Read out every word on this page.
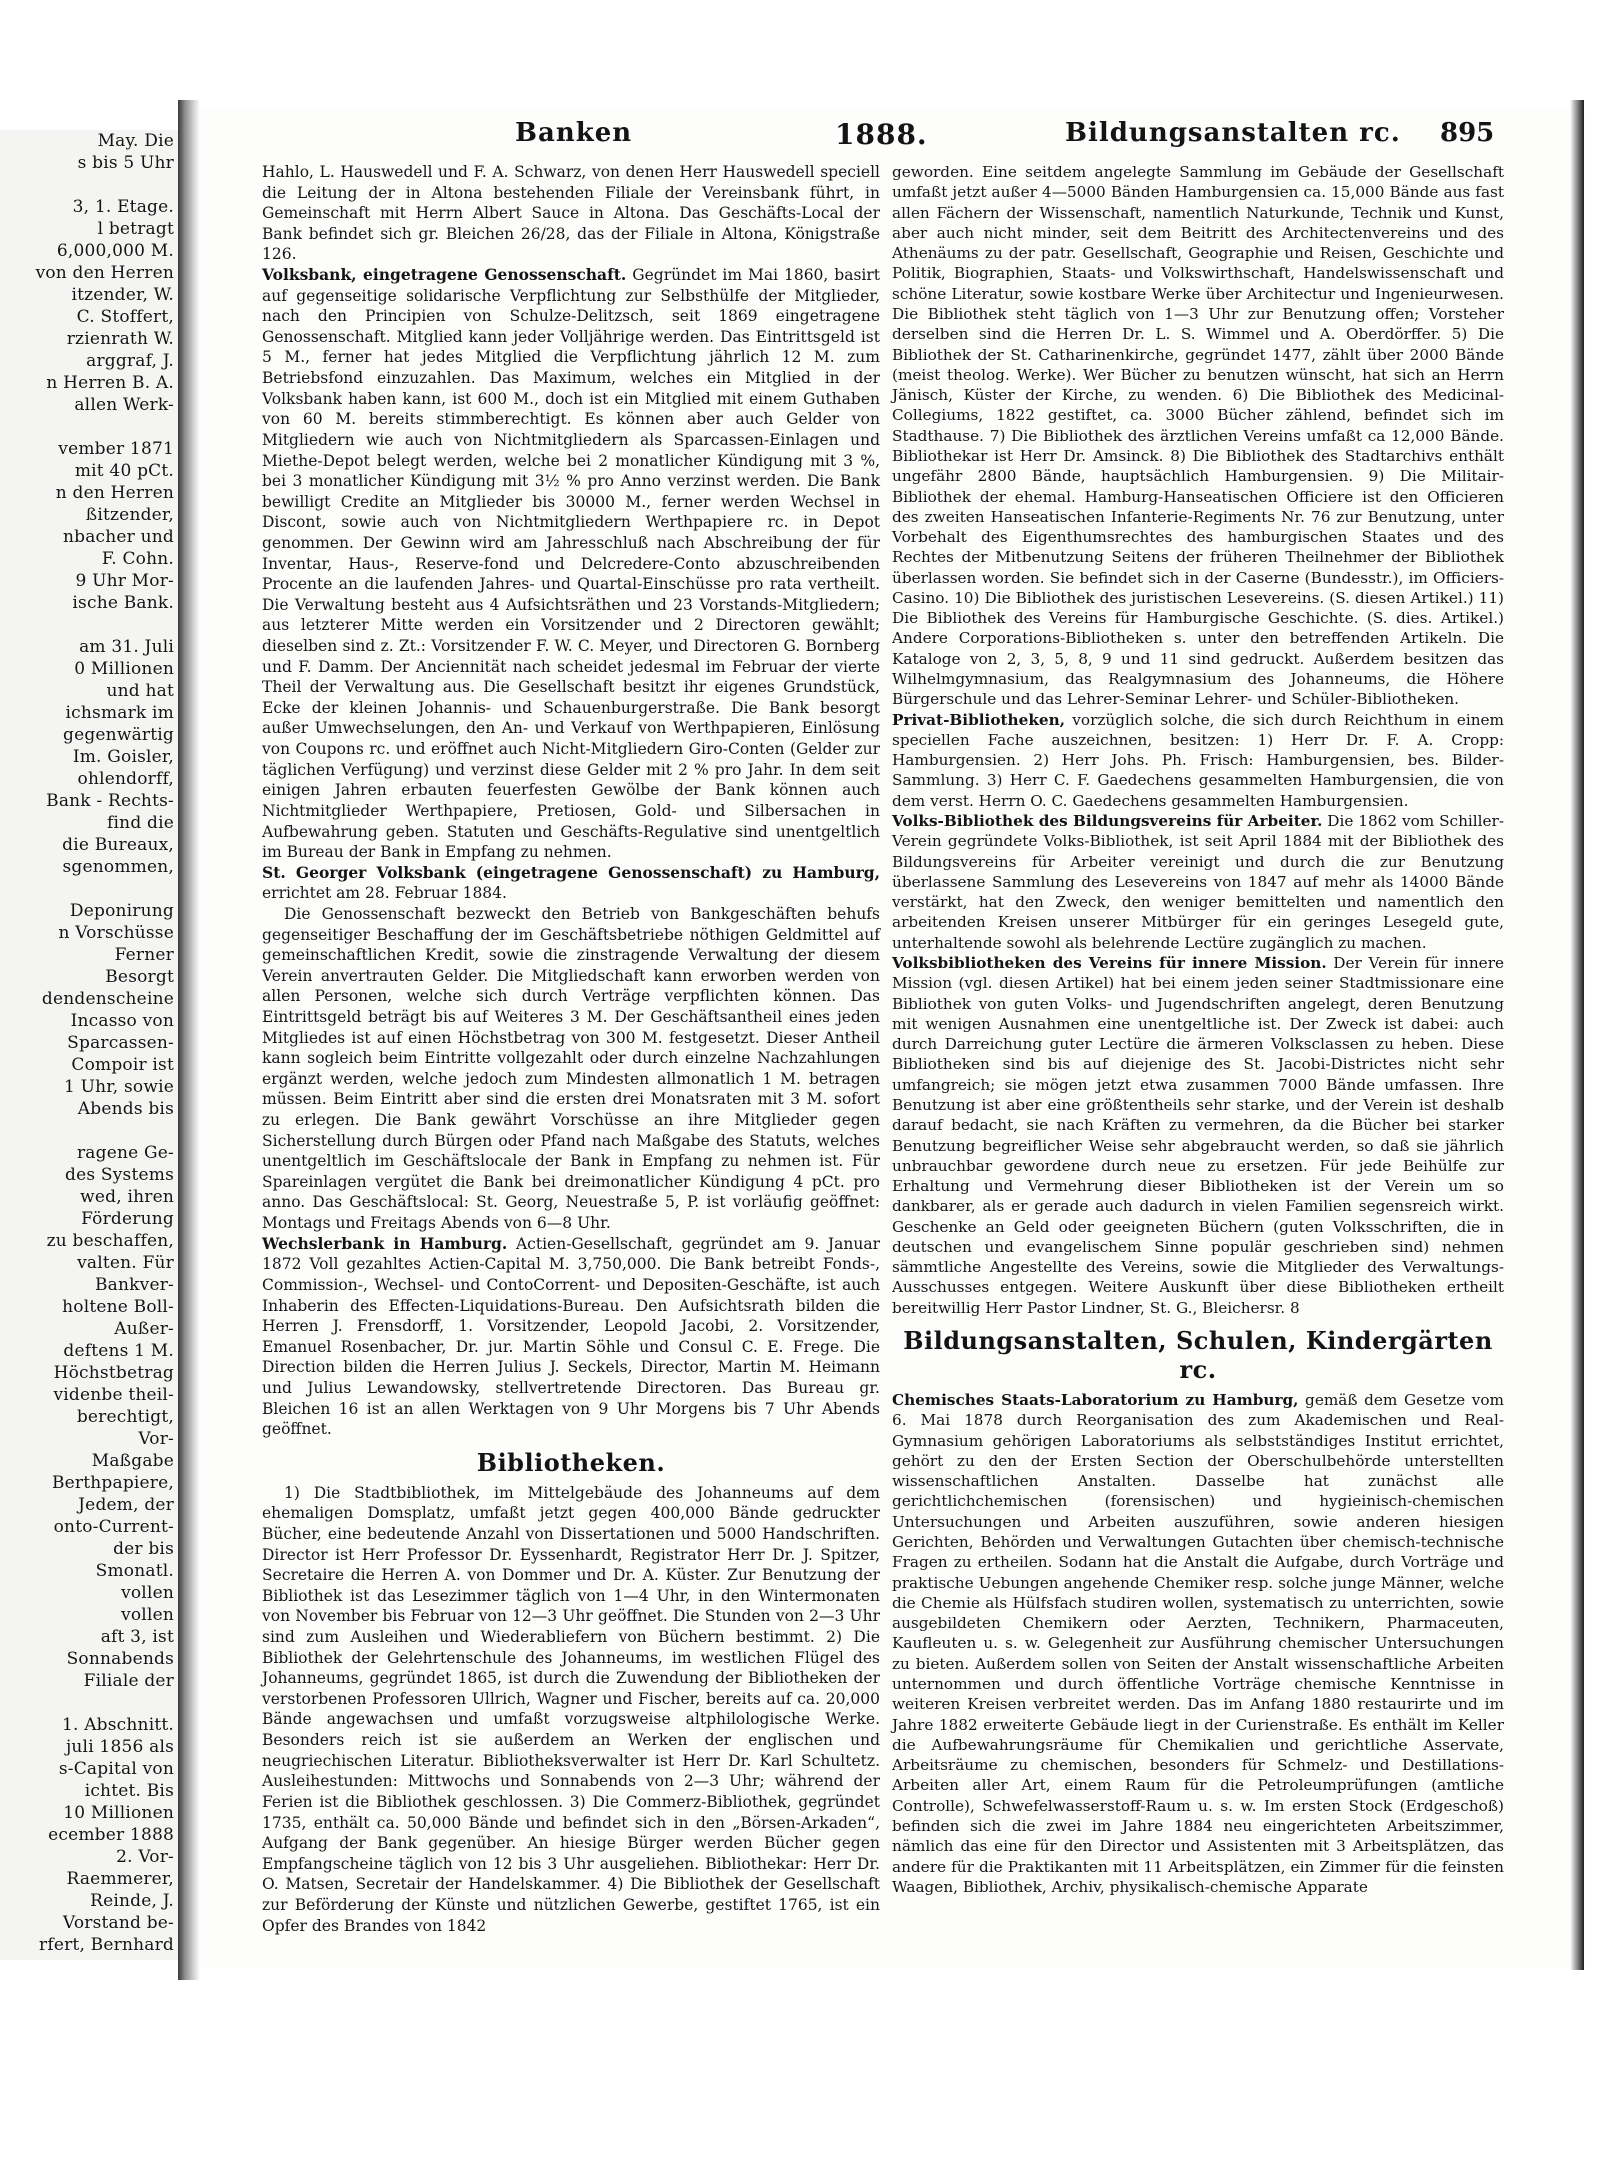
May. Die
s bis 5 Uhr
3, 1. Etage.
l betragt
6,000,000 M.
von den Herren
itzender, W.
C. Stoffert,
rzienrath W.
arggraf, J.
n Herren B. A.
allen Werk-
vember 1871
mit 40 pCt.
n den Herren
ßitzender,
nbacher und
F. Cohn.
9 Uhr Mor-
ische Bank.
am 31. Juli
0 Millionen
und hat
ichsmark im
gegenwärtig
Im. Goisler,
ohlendorff,
Bank - Rechts-
find die
die Bureaux,
sgenommen,
Deponirung
n Vorschüsse
Ferner
Besorgt
dendenscheine
Incasso von
Sparcassen-
Compoir ist
1 Uhr, sowie
Abends bis
ragene Ge-
des Systems
wed, ihren
Förderung
zu beschaffen,
valten. Für
Bankver-
holtene Boll-
Außer-
deftens 1 M.
Höchstbetrag
videnbe theil-
berechtigt,
Vor-
Maßgabe
Berthpapiere,
Jedem, der
onto-Current-
der bis
Smonatl.
vollen
vollen
aft 3, ist
Sonnabends
Filiale der
1. Abschnitt.
juli 1856 als
s-Capital von
ichtet. Bis
10 Millionen
ecember 1888
2. Vor-
Raemmerer,
Reinde, J.
Vorstand be-
rfert, Bernhard
Banken	1888.	Bildungsanstalten rc. 895

Hahlo, L. Hauswedell und F. A. Schwarz, von denen Herr Hauswedell speciell die Leitung der in Altona bestehenden Filiale der Vereinsbank führt, in Gemeinschaft mit Herrn Albert Sauce in Altona. Das Geschäfts-Local der Bank befindet sich gr. Bleichen 26/28, das der Filiale in Altona, Königstraße 126.

Volksbank, eingetragene Genossenschaft. Gegründet im Mai 1860, basirt auf gegenseitige solidarische Verpflichtung zur Selbsthülfe der Mitglieder, nach den Principien von Schulze-Delitzsch, seit 1869 eingetragene Genossenschaft. Mitglied kann jeder Volljährige werden. Das Eintrittsgeld ist 5 M., ferner hat jedes Mitglied die Verpflichtung jährlich 12 M. zum Betriebsfond einzuzahlen. Das Maximum, welches ein Mitglied in der Volksbank haben kann, ist 600 M., doch ist ein Mitglied mit einem Guthaben von 60 M. bereits stimmberechtigt. Es können aber auch Gelder von Mitgliedern wie auch von Nichtmitgliedern als Sparcassen-Einlagen und Miethe-Depot belegt werden, welche bei 2 monatlicher Kündigung mit 3 %, bei 3 monatlicher Kündigung mit 3½ % pro Anno verzinst werden. Die Bank bewilligt Credite an Mitglieder bis 30000 M., ferner werden Wechsel in Discont, sowie auch von Nichtmitgliedern Werthpapiere rc. in Depot genommen. Der Gewinn wird am Jahresschluß nach Abschreibung der für Inventar, Haus-, Reserve-fond und Delcredere-Conto abzuschreibenden Procente an die laufenden Jahres- und Quartal-Einschüsse pro rata vertheilt. Die Verwaltung besteht aus 4 Aufsichtsräthen und 23 Vorstands-Mitgliedern; aus letzterer Mitte werden ein Vorsitzender und 2 Directoren gewählt; dieselben sind z. Zt.: Vorsitzender F. W. C. Meyer, und Directoren G. Bornberg und F. Damm. Der Anciennität nach scheidet jedesmal im Februar der vierte Theil der Verwaltung aus. Die Gesellschaft besitzt ihr eigenes Grundstück, Ecke der kleinen Johannis- und Schauenburgerstraße. Die Bank besorgt außer Umwechselungen, den An- und Verkauf von Werthpapieren, Einlösung von Coupons rc. und eröffnet auch Nicht-Mitgliedern Giro-Conten (Gelder zur täglichen Verfügung) und verzinst diese Gelder mit 2 % pro Jahr. In dem seit einigen Jahren erbauten feuerfesten Gewölbe der Bank können auch Nichtmitglieder Werthpapiere, Pretiosen, Gold- und Silbersachen in Aufbewahrung geben. Statuten und Geschäfts-Regulative sind unentgeltlich im Bureau der Bank in Empfang zu nehmen.

St. Georger Volksbank (eingetragene Genossenschaft) zu Hamburg, errichtet am 28. Februar 1884.

Die Genossenschaft bezweckt den Betrieb von Bankgeschäften behufs gegenseitiger Beschaffung der im Geschäftsbetriebe nöthigen Geldmittel auf gemeinschaftlichen Kredit, sowie die zinstragende Verwaltung der diesem Verein anvertrauten Gelder. Die Mitgliedschaft kann erworben werden von allen Personen, welche sich durch Verträge verpflichten können. Das Eintrittsgeld beträgt bis auf Weiteres 3 M. Der Geschäftsantheil eines jeden Mitgliedes ist auf einen Höchstbetrag von 300 M. festgesetzt. Dieser Antheil kann sogleich beim Eintritte vollgezahlt oder durch einzelne Nachzahlungen ergänzt werden, welche jedoch zum Mindesten allmonatlich 1 M. betragen müssen. Beim Eintritt aber sind die ersten drei Monatsraten mit 3 M. sofort zu erlegen. Die Bank gewährt Vorschüsse an ihre Mitglieder gegen Sicherstellung durch Bürgen oder Pfand nach Maßgabe des Statuts, welches unentgeltlich im Geschäftslocale der Bank in Empfang zu nehmen ist. Für Spareinlagen vergütet die Bank bei dreimonatlicher Kündigung 4 pCt. pro anno. Das Geschäftslocal: St. Georg, Neuestraße 5, P. ist vorläufig geöffnet: Montags und Freitags Abends von 6—8 Uhr.

Wechslerbank in Hamburg. Actien-Gesellschaft, gegründet am 9. Januar 1872 Voll gezahltes Actien-Capital M. 3,750,000. Die Bank betreibt Fonds-, Commission-, Wechsel- und ContoCorrent- und Depositen-Geschäfte, ist auch Inhaberin des Effecten-Liquidations-Bureau. Den Aufsichtsrath bilden die Herren J. Frensdorff, 1. Vorsitzender, Leopold Jacobi, 2. Vorsitzender, Emanuel Rosenbacher, Dr. jur. Martin Söhle und Consul C. E. Frege. Die Direction bilden die Herren Julius J. Seckels, Director, Martin M. Heimann und Julius Lewandowsky, stellvertretende Directoren. Das Bureau gr. Bleichen 16 ist an allen Werktagen von 9 Uhr Morgens bis 7 Uhr Abends geöffnet.

Bibliotheken.

1) Die Stadtbibliothek, im Mittelgebäude des Johanneums auf dem ehemaligen Domsplatz, umfaßt jetzt gegen 400,000 Bände gedruckter Bücher, eine bedeutende Anzahl von Dissertationen und 5000 Handschriften. Director ist Herr Professor Dr. Eyssenhardt, Registrator Herr Dr. J. Spitzer, Secretaire die Herren A. von Dommer und Dr. A. Küster. Zur Benutzung der Bibliothek ist das Lesezimmer täglich von 1—4 Uhr, in den Wintermonaten von November bis Februar von 12—3 Uhr geöffnet. Die Stunden von 2—3 Uhr sind zum Ausleihen und Wiederabliefern von Büchern bestimmt. 2) Die Bibliothek der Gelehrtenschule des Johanneums, im westlichen Flügel des Johanneums, gegründet 1865, ist durch die Zuwendung der Bibliotheken der verstorbenen Professoren Ullrich, Wagner und Fischer, bereits auf ca. 20,000 Bände angewachsen und umfaßt vorzugsweise altphilologische Werke. Besonders reich ist sie außerdem an Werken der englischen und neugriechischen Literatur. Bibliotheksverwalter ist Herr Dr. Karl Schultetz. Ausleihestunden: Mittwochs und Sonnabends von 2—3 Uhr; während der Ferien ist die Bibliothek geschlossen. 3) Die Commerz-Bibliothek, gegründet 1735, enthält ca. 50,000 Bände und befindet sich in den „Börsen-Arkaden“, Aufgang der Bank gegenüber. An hiesige Bürger werden Bücher gegen Empfangscheine täglich von 12 bis 3 Uhr ausgeliehen. Bibliothekar: Herr Dr. O. Matsen, Secretair der Handelskammer. 4) Die Bibliothek der Gesellschaft zur Beförderung der Künste und nützlichen Gewerbe, gestiftet 1765, ist ein Opfer des Brandes von 1842

geworden. Eine seitdem angelegte Sammlung im Gebäude der Gesellschaft umfaßt jetzt außer 4—5000 Bänden Hamburgensien ca. 15,000 Bände aus fast allen Fächern der Wissenschaft, namentlich Naturkunde, Technik und Kunst, aber auch nicht minder, seit dem Beitritt des Architectenvereins und des Athenäums zu der patr. Gesellschaft, Geographie und Reisen, Geschichte und Politik, Biographien, Staats- und Volkswirthschaft, Handelswissenschaft und schöne Literatur, sowie kostbare Werke über Architectur und Ingenieurwesen. Die Bibliothek steht täglich von 1—3 Uhr zur Benutzung offen; Vorsteher derselben sind die Herren Dr. L. S. Wimmel und A. Oberdörffer. 5) Die Bibliothek der St. Catharinenkirche, gegründet 1477, zählt über 2000 Bände (meist theolog. Werke). Wer Bücher zu benutzen wünscht, hat sich an Herrn Jänisch, Küster der Kirche, zu wenden. 6) Die Bibliothek des Medicinal-Collegiums, 1822 gestiftet, ca. 3000 Bücher zählend, befindet sich im Stadthause. 7) Die Bibliothek des ärztlichen Vereins umfaßt ca 12,000 Bände. Bibliothekar ist Herr Dr. Amsinck. 8) Die Bibliothek des Stadtarchivs enthält ungefähr 2800 Bände, hauptsächlich Hamburgensien. 9) Die Militair-Bibliothek der ehemal. Hamburg-Hanseatischen Officiere ist den Officieren des zweiten Hanseatischen Infanterie-Regiments Nr. 76 zur Benutzung, unter Vorbehalt des Eigenthumsrechtes des hamburgischen Staates und des Rechtes der Mitbenutzung Seitens der früheren Theilnehmer der Bibliothek überlassen worden. Sie befindet sich in der Caserne (Bundesstr.), im Officiers-Casino. 10) Die Bibliothek des juristischen Lesevereins. (S. diesen Artikel.) 11) Die Bibliothek des Vereins für Hamburgische Geschichte. (S. dies. Artikel.) Andere Corporations-Bibliotheken s. unter den betreffenden Artikeln. Die Kataloge von 2, 3, 5, 8, 9 und 11 sind gedruckt. Außerdem besitzen das Wilhelmgymnasium, das Realgymnasium des Johanneums, die Höhere Bürgerschule und das Lehrer-Seminar Lehrer- und Schüler-Bibliotheken.

Privat-Bibliotheken, vorzüglich solche, die sich durch Reichthum in einem speciellen Fache auszeichnen, besitzen: 1) Herr Dr. F. A. Cropp: Hamburgensien. 2) Herr Johs. Ph. Frisch: Hamburgensien, bes. Bilder-Sammlung. 3) Herr C. F. Gaedechens gesammelten Hamburgensien, die von dem verst. Herrn O. C. Gaedechens gesammelten Hamburgensien.

Volks-Bibliothek des Bildungsvereins für Arbeiter. Die 1862 vom Schiller-Verein gegründete Volks-Bibliothek, ist seit April 1884 mit der Bibliothek des Bildungsvereins für Arbeiter vereinigt und durch die zur Benutzung überlassene Sammlung des Lesevereins von 1847 auf mehr als 14000 Bände verstärkt, hat den Zweck, den weniger bemittelten und namentlich den arbeitenden Kreisen unserer Mitbürger für ein geringes Lesegeld gute, unterhaltende sowohl als belehrende Lectüre zugänglich zu machen.

Volksbibliotheken des Vereins für innere Mission. Der Verein für innere Mission (vgl. diesen Artikel) hat bei einem jeden seiner Stadtmissionare eine Bibliothek von guten Volks- und Jugendschriften angelegt, deren Benutzung mit wenigen Ausnahmen eine unentgeltliche ist. Der Zweck ist dabei: auch durch Darreichung guter Lectüre die ärmeren Volksclassen zu heben. Diese Bibliotheken sind bis auf diejenige des St. Jacobi-Districtes nicht sehr umfangreich; sie mögen jetzt etwa zusammen 7000 Bände umfassen. Ihre Benutzung ist aber eine größtentheils sehr starke, und der Verein ist deshalb darauf bedacht, sie nach Kräften zu vermehren, da die Bücher bei starker Benutzung begreiflicher Weise sehr abgebraucht werden, so daß sie jährlich unbrauchbar gewordene durch neue zu ersetzen. Für jede Beihülfe zur Erhaltung und Vermehrung dieser Bibliotheken ist der Verein um so dankbarer, als er gerade auch dadurch in vielen Familien segensreich wirkt. Geschenke an Geld oder geeigneten Büchern (guten Volksschriften, die in deutschen und evangelischem Sinne populär geschrieben sind) nehmen sämmtliche Angestellte des Vereins, sowie die Mitglieder des Verwaltungs-Ausschusses entgegen. Weitere Auskunft über diese Bibliotheken ertheilt bereitwillig Herr Pastor Lindner, St. G., Bleichersr. 8

Bildungsanstalten, Schulen, Kindergärten rc.

Chemisches Staats-Laboratorium zu Hamburg, gemäß dem Gesetze vom 6. Mai 1878 durch Reorganisation des zum Akademischen und Real-Gymnasium gehörigen Laboratoriums als selbstständiges Institut errichtet, gehört zu den der Ersten Section der Oberschulbehörde unterstellten wissenschaftlichen Anstalten. Dasselbe hat zunächst alle gerichtlichchemischen (forensischen) und hygieinisch-chemischen Untersuchungen und Arbeiten auszuführen, sowie anderen hiesigen Gerichten, Behörden und Verwaltungen Gutachten über chemisch-technische Fragen zu ertheilen. Sodann hat die Anstalt die Aufgabe, durch Vorträge und praktische Uebungen angehende Chemiker resp. solche junge Männer, welche die Chemie als Hülfsfach studiren wollen, systematisch zu unterrichten, sowie ausgebildeten Chemikern oder Aerzten, Technikern, Pharmaceuten, Kaufleuten u. s. w. Gelegenheit zur Ausführung chemischer Untersuchungen zu bieten. Außerdem sollen von Seiten der Anstalt wissenschaftliche Arbeiten unternommen und durch öffentliche Vorträge chemische Kenntnisse in weiteren Kreisen verbreitet werden. Das im Anfang 1880 restaurirte und im Jahre 1882 erweiterte Gebäude liegt in der Curienstraße. Es enthält im Keller die Aufbewahrungsräume für Chemikalien und gerichtliche Asservate, Arbeitsräume zu chemischen, besonders für Schmelz- und Destillations-Arbeiten aller Art, einem Raum für die Petroleumprüfungen (amtliche Controlle), Schwefelwasserstoff-Raum u. s. w. Im ersten Stock (Erdgeschoß) befinden sich die zwei im Jahre 1884 neu eingerichteten Arbeitszimmer, nämlich das eine für den Director und Assistenten mit 3 Arbeitsplätzen, das andere für die Praktikanten mit 11 Arbeitsplätzen, ein Zimmer für die feinsten Waagen, Bibliothek, Archiv, physikalisch-chemische Apparate
